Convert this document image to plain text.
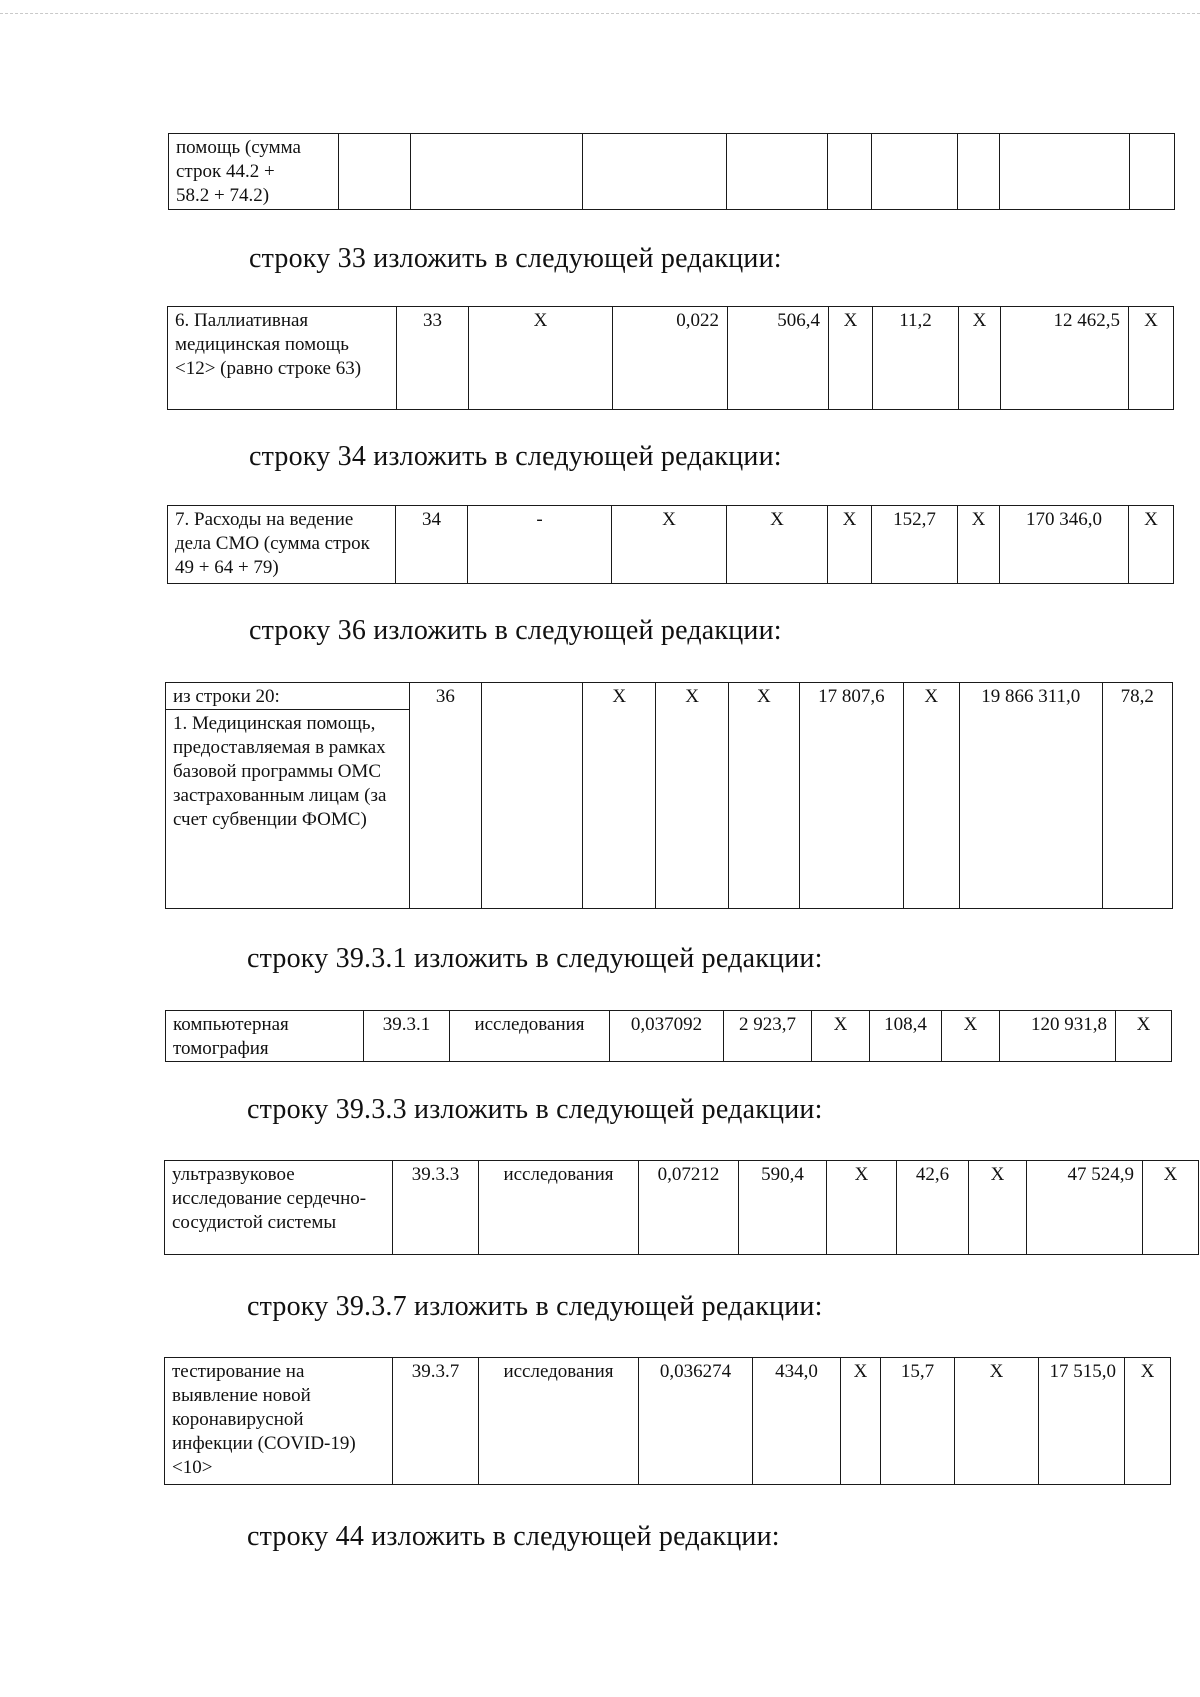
помощь (сумма
строк 44.2 +
58.2 + 74.2)									
строку 33 изложить в следующей редакции:
6. Паллиативная медицинская помощь <12> (равно строке 63)	33	X	0,022	506,4	X	11,2	X	12 462,5	X
строку 34 изложить в следующей редакции:
7. Расходы на ведение дела СМО (сумма строк 49 + 64 + 79)	34	-	X	X	X	152,7	X	170 346,0	X
строку 36 изложить в следующей редакции:
из строки 20:	36		X	X	X	17 807,6	X	19 866 311,0	78,2
1. Медицинская помощь, предоставляемая в рамках базовой программы ОМС застрахованным лицам (за счет субвенции ФОМС)
строку 39.3.1 изложить в следующей редакции:
компьютерная томография	39.3.1	исследования	0,037092	2 923,7	X	108,4	X	120 931,8	X
строку 39.3.3 изложить в следующей редакции:
ультразвуковое исследование сердечно-сосудистой системы	39.3.3	исследования	0,07212	590,4	X	42,6	X	47 524,9	X
строку 39.3.7 изложить в следующей редакции:
тестирование на выявление новой коронавирусной инфекции (COVID-19) <10>	39.3.7	исследования	0,036274	434,0	X	15,7	X	17 515,0	X
строку 44 изложить в следующей редакции:
